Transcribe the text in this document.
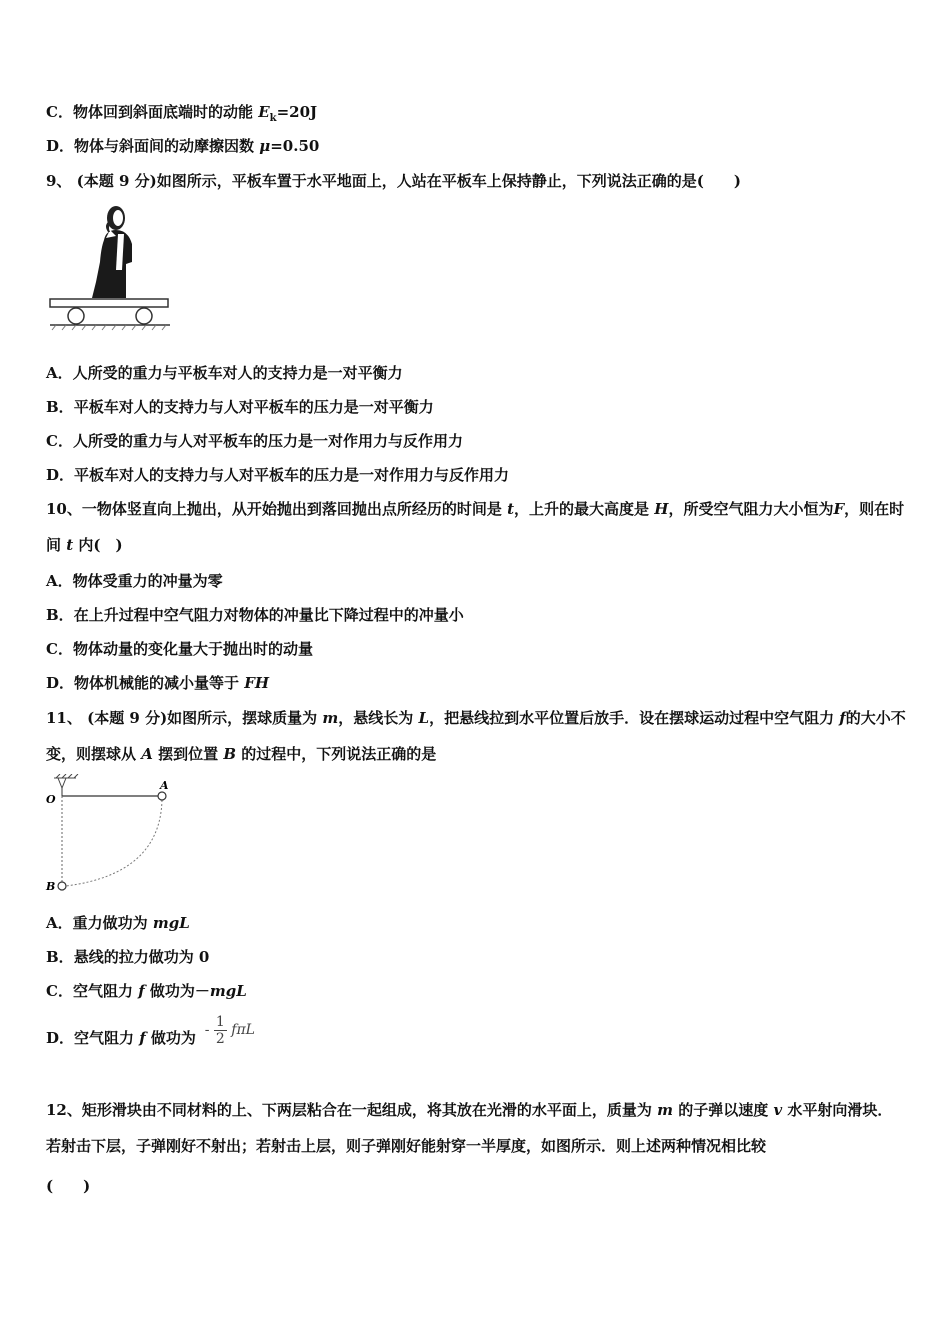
C．物体回到斜面底端时的动能 $E_k=20J$
D．物体与斜面间的动摩擦因数 μ=0.50
9、 (本题 9 分)如图所示，平板车置于水平地面上，人站在平板车上保持静止，下列说法正确的是(　　)
A．人所受的重力与平板车对人的支持力是一对平衡力
B．平板车对人的支持力与人对平板车的压力是一对平衡力
C．人所受的重力与人对平板车的压力是一对作用力与反作用力
D．平板车对人的支持力与人对平板车的压力是一对作用力与反作用力
10、一物体竖直向上抛出，从开始抛出到落回抛出点所经历的时间是 t，上升的最大高度是 H，所受空气阻力大小恒为F，则在时间 t 内(　)
A．物体受重力的冲量为零
B．在上升过程中空气阻力对物体的冲量比下降过程中的冲量小
C．物体动量的变化量大于抛出时的动量
D．物体机械能的减小量等于 FH
11、 (本题 9 分)如图所示，摆球质量为 m，悬线长为 L，把悬线拉到水平位置后放手．设在摆球运动过程中空气阻力 f的大小不变，则摆球从 A 摆到位置 B 的过程中，下列说法正确的是
O
A
B
A．重力做功为 mgL
B．悬线的拉力做功为 0
C．空气阻力 f 做功为－mgL
D．空气阻力 f 做功为 - $\frac{1}{2}$ fπL
12、矩形滑块由不同材料的上、下两层粘合在一起组成，将其放在光滑的水平面上，质量为 m 的子弹以速度 v 水平射向滑块．若射击下层，子弹刚好不射出；若射击上层，则子弹刚好能射穿一半厚度，如图所示．则上述两种情况相比较
(　　)
